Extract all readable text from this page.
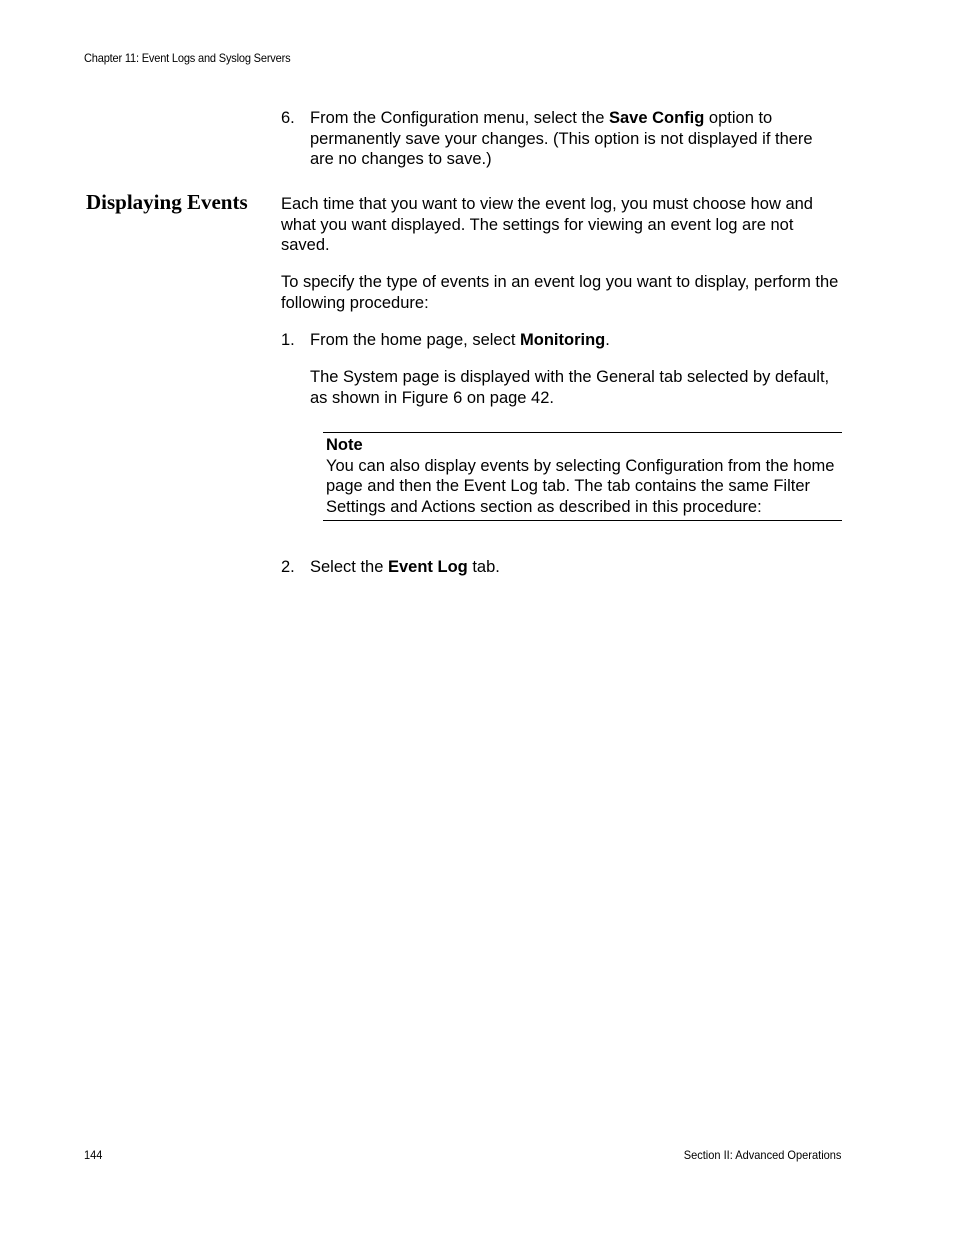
Chapter 11: Event Logs and Syslog Servers
6. From the Configuration menu, select the Save Config option to permanently save your changes. (This option is not displayed if there are no changes to save.)
Displaying Events Each time that you want to view the event log, you must choose how and what you want displayed. The settings for viewing an event log are not saved.
To specify the type of events in an event log you want to display, perform the following procedure:
1. From the home page, select Monitoring.
The System page is displayed with the General tab selected by default, as shown in Figure 6 on page 42.
Note
You can also display events by selecting Configuration from the home page and then the Event Log tab. The tab contains the same Filter Settings and Actions section as described in this procedure:
2. Select the Event Log tab.
144	Section II: Advanced Operations
